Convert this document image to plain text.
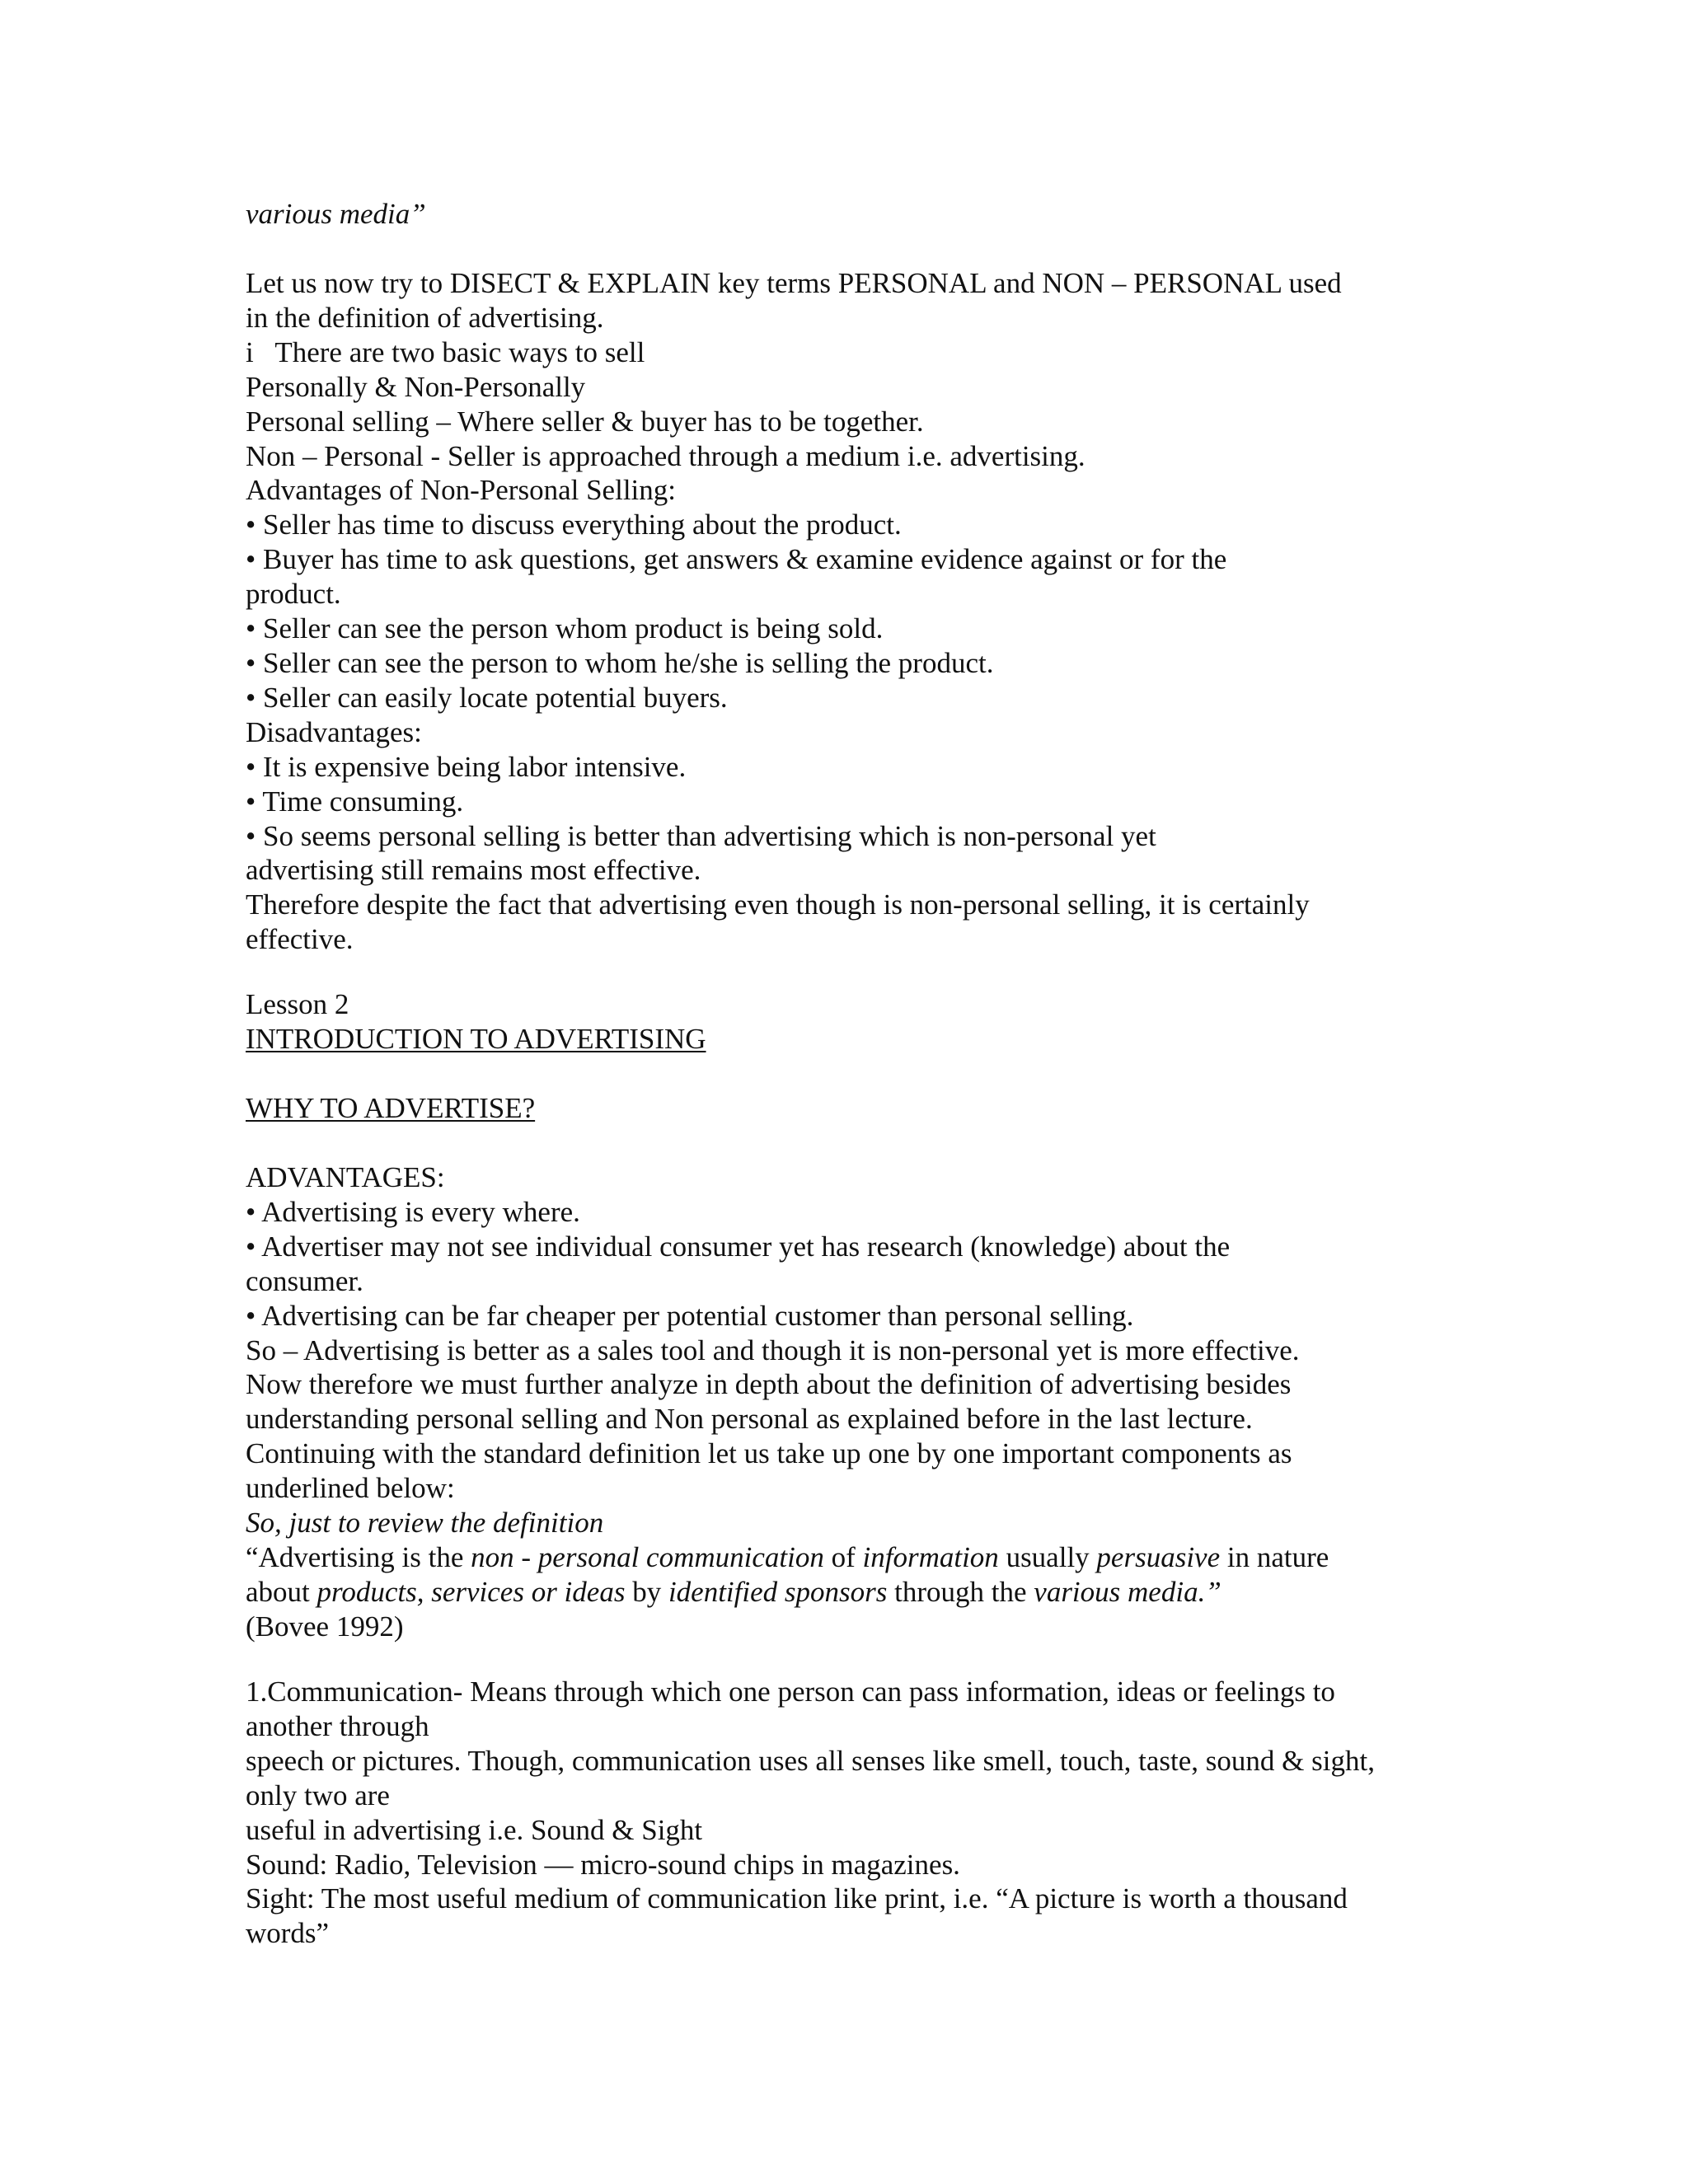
various media”
Let us now try to DISECT & EXPLAIN key terms PERSONAL and NON – PERSONAL used
in the definition of advertising.
i   There are two basic ways to sell
Personally & Non-Personally
Personal selling – Where seller & buyer has to be together.
Non – Personal - Seller is approached through a medium i.e. advertising.
Advantages of Non-Personal Selling:
• Seller has time to discuss everything about the product.
• Buyer has time to ask questions, get answers & examine evidence against or for the
product.
• Seller can see the person whom product is being sold.
• Seller can see the person to whom he/she is selling the product.
• Seller can easily locate potential buyers.
Disadvantages:
• It is expensive being labor intensive.
• Time consuming.
• So seems personal selling is better than advertising which is non-personal yet
advertising still remains most effective.
Therefore despite the fact that advertising even though is non-personal selling, it is certainly
effective.
Lesson 2
INTRODUCTION TO ADVERTISING
WHY TO ADVERTISE?
ADVANTAGES:
• Advertising is every where.
• Advertiser may not see individual consumer yet has research (knowledge) about the
consumer.
• Advertising can be far cheaper per potential customer than personal selling.
So – Advertising is better as a sales tool and though it is non-personal yet is more effective.
Now therefore we must further analyze in depth about the definition of advertising besides
understanding personal selling and Non personal as explained before in the last lecture.
Continuing with the standard definition let us take up one by one important components as
underlined below:
So, just to review the definition
“Advertising is the non - personal communication of information usually persuasive in nature
about products, services or ideas by identified sponsors through the various media.”
(Bovee 1992)
1.Communication- Means through which one person can pass information, ideas or feelings to
another through
speech or pictures. Though, communication uses all senses like smell, touch, taste, sound & sight,
only two are
useful in advertising i.e. Sound & Sight
Sound: Radio, Television — micro-sound chips in magazines.
Sight: The most useful medium of communication like print, i.e. “A picture is worth a thousand
words”
